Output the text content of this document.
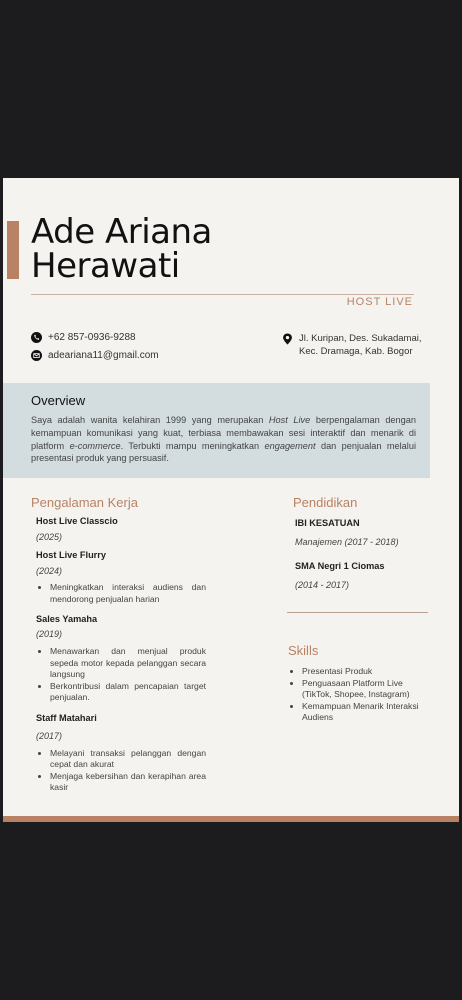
Ade Ariana
Herawati
HOST LIVE
+62 857-0936-9288
adeariana11@gmail.com
Jl. Kuripan, Des. Sukadamai,
Kec. Dramaga, Kab. Bogor
Overview

Saya adalah wanita kelahiran 1999 yang merupakan Host Live berpengalaman dengan kemampuan komunikasi yang kuat, terbiasa membawakan sesi interaktif dan menarik di platform e-commerce. Terbukti mampu meningkatkan engagement dan penjualan melalui presentasi produk yang persuasif.

Pengalaman Kerja

Host Live Classcio

(2025)

Host Live Flurry

(2024)

• Meningkatkan interaksi audiens dan mendorong penjualan harian

Sales Yamaha

(2019)

• Menawarkan dan menjual produk sepeda motor kepada pelanggan secara langsung
• Berkontribusi dalam pencapaian target penjualan.

Staff Matahari

(2017)

• Melayani transaksi pelanggan dengan cepat dan akurat
• Menjaga kebersihan dan kerapihan area kasir
Pendidikan

IBI KESATUAN

Manajemen (2017 - 2018)

SMA Negri 1 Ciomas

(2014 - 2017)

Skills
• Presentasi Produk
• Penguasaan Platform Live (TikTok, Shopee, Instagram)
• Kemampuan Menarik Interaksi Audiens
